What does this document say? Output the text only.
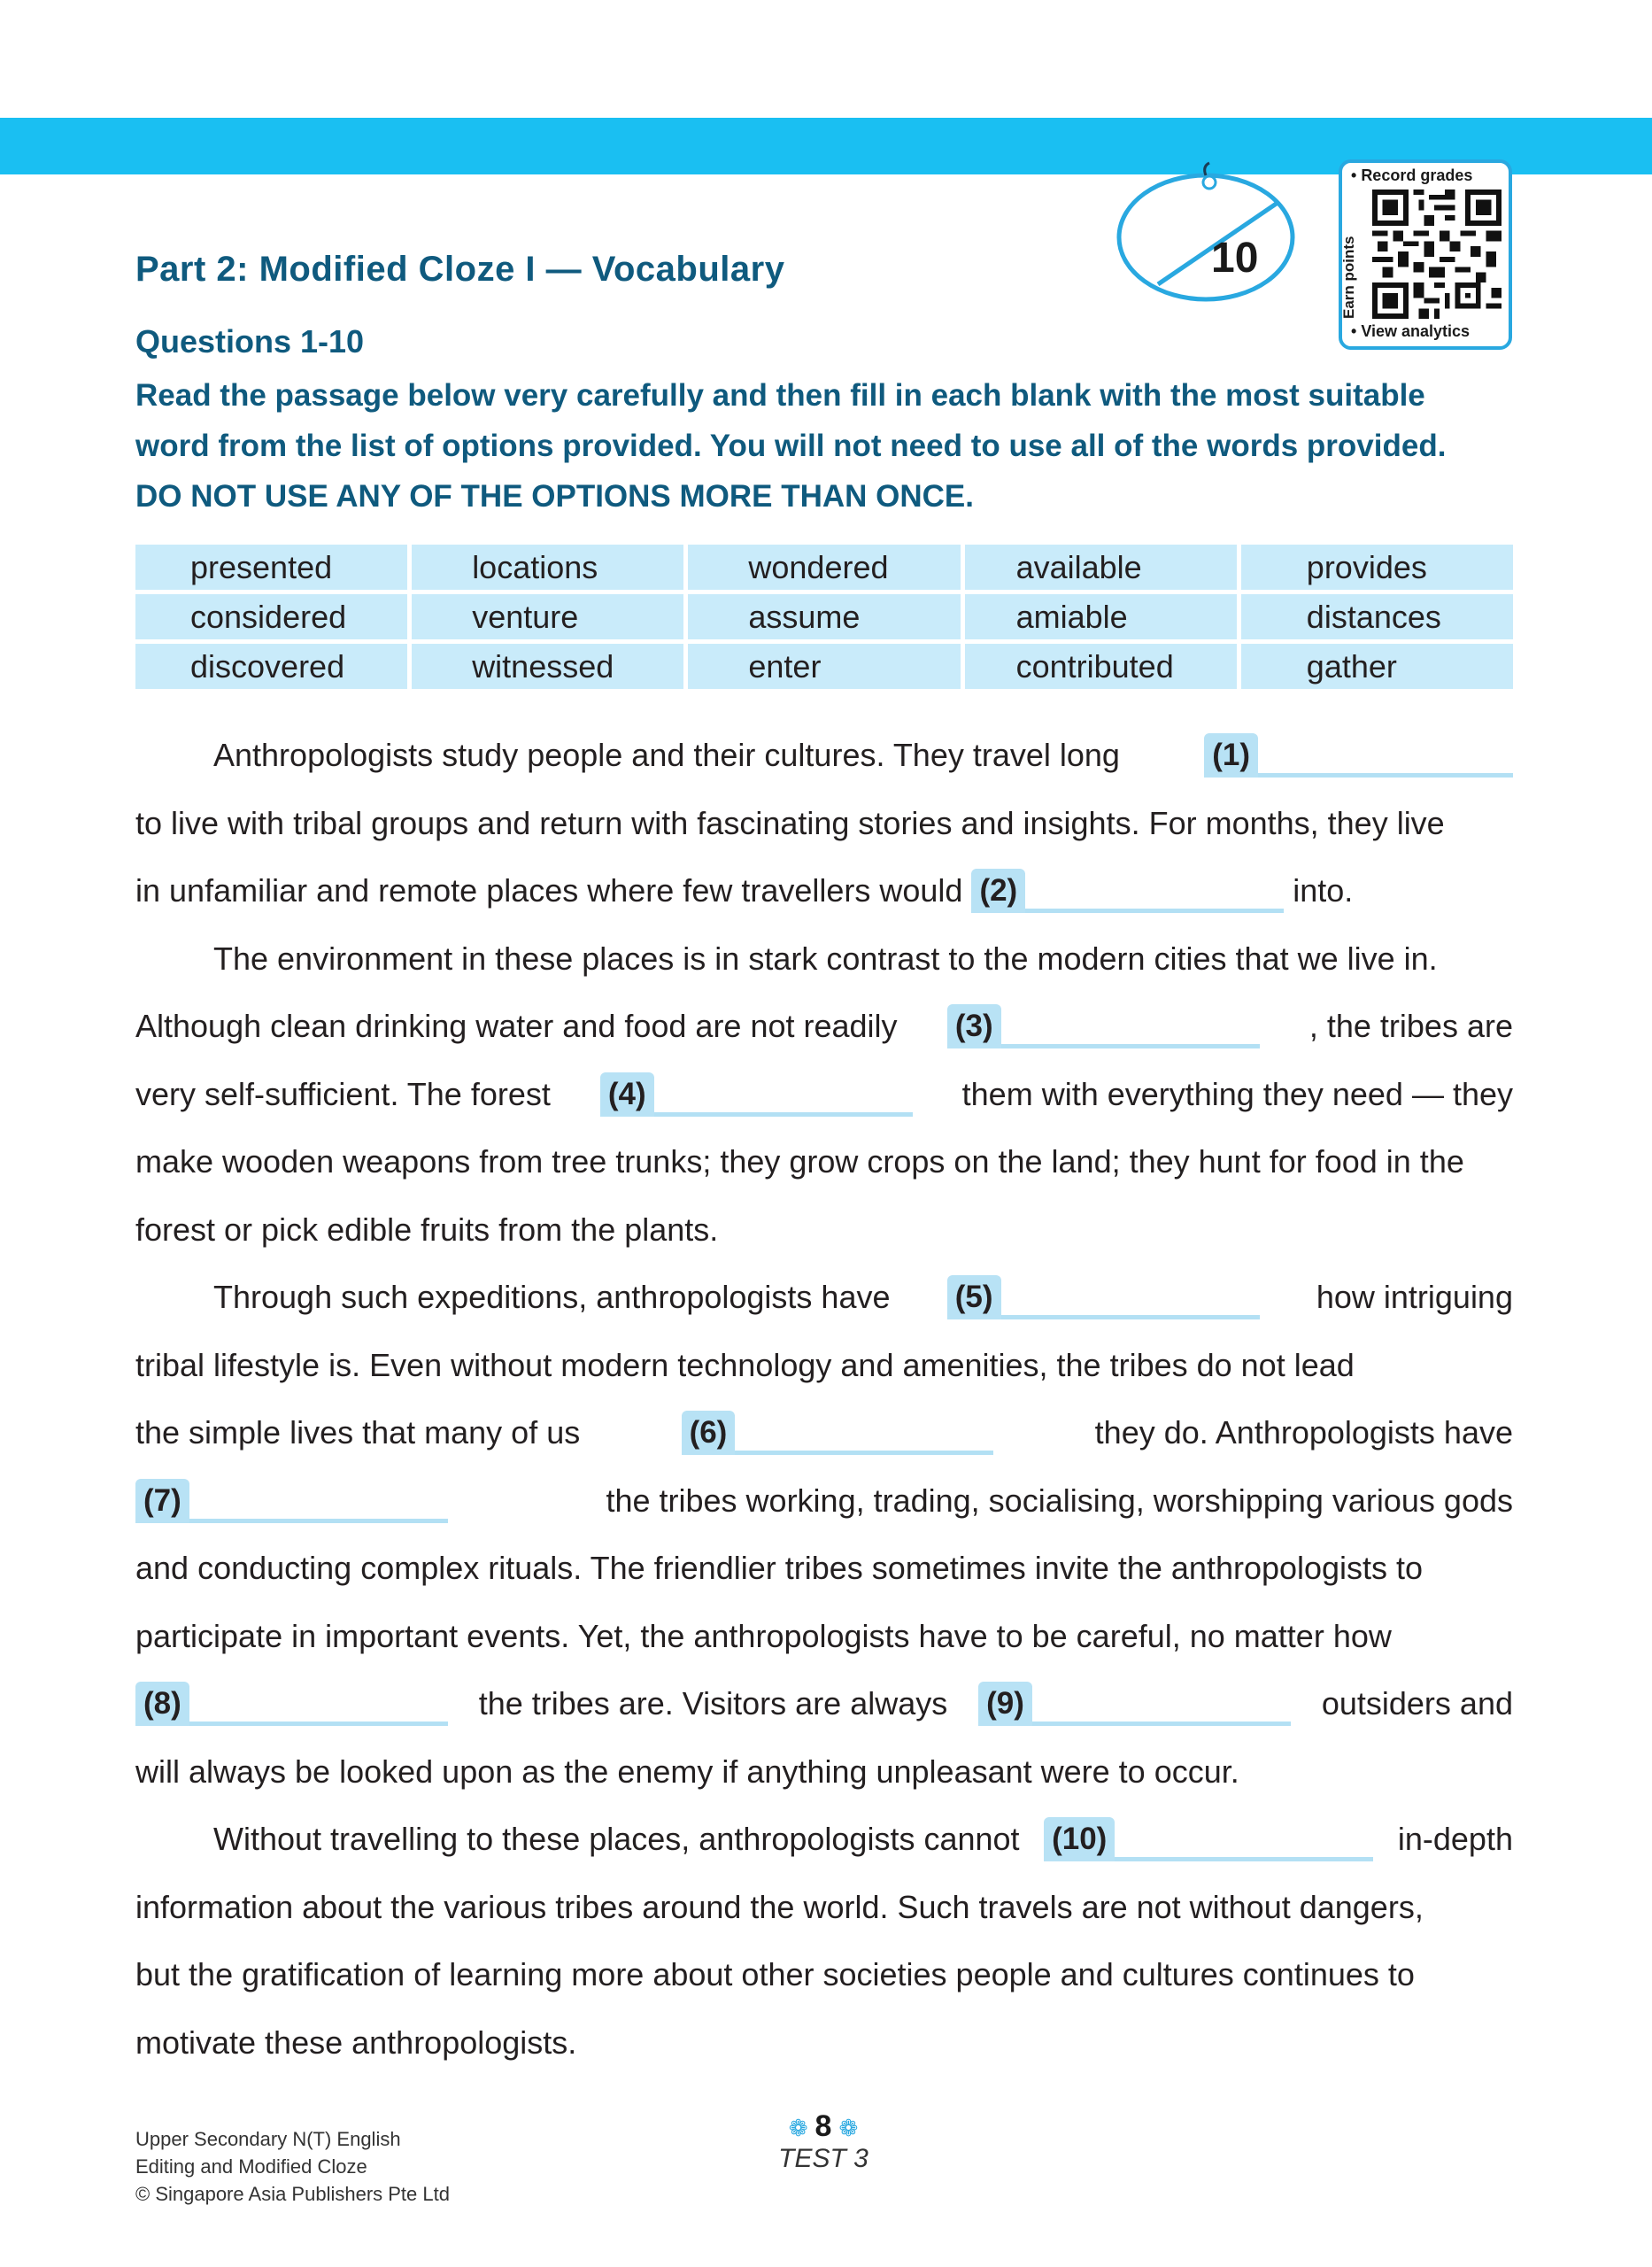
10
• Record grades
Earn points
• View analytics
Part 2: Modified Cloze I — Vocabulary
Questions 1-10
Read the passage below very carefully and then fill in each blank with the most suitable
word from the list of options provided. You will not need to use all of the words provided.
DO NOT USE ANY OF THE OPTIONS MORE THAN ONCE.
presented	locations	wondered	available	provides
considered	venture	assume	amiable	distances
discovered	witnessed	enter	contributed	gather
Anthropologists study people and their cultures. They travel long	(1)
to live with tribal groups and return with fascinating stories and insights. For months, they live
in unfamiliar and remote places where few travellers would (2)	into.
The environment in these places is in stark contrast to the modern cities that we live in.
Although clean drinking water and food are not readily (3)	, the tribes are
very self-sufficient. The forest (4)	them with everything they need — they
make wooden weapons from tree trunks; they grow crops on the land; they hunt for food in the
forest or pick edible fruits from the plants.
Through such expeditions, anthropologists have (5)	how intriguing
tribal lifestyle is. Even without modern technology and amenities, the tribes do not lead
the simple lives that many of us	(6)	they do. Anthropologists have
(7)	the tribes working, trading, socialising, worshipping various gods
and conducting complex rituals. The friendlier tribes sometimes invite the anthropologists to
participate in important events. Yet, the anthropologists have to be careful, no matter how
(8)	the tribes are. Visitors are always (9)	outsiders and
will always be looked upon as the enemy if anything unpleasant were to occur.
Without travelling to these places, anthropologists cannot (10)	in-depth
information about the various tribes around the world. Such travels are not without dangers,
but the gratification of learning more about other societies people and cultures continues to
motivate these anthropologists.
Upper Secondary N(T) English
Editing and Modified Cloze
© Singapore Asia Publishers Pte Ltd
❁ 8 ❁
TEST 3
